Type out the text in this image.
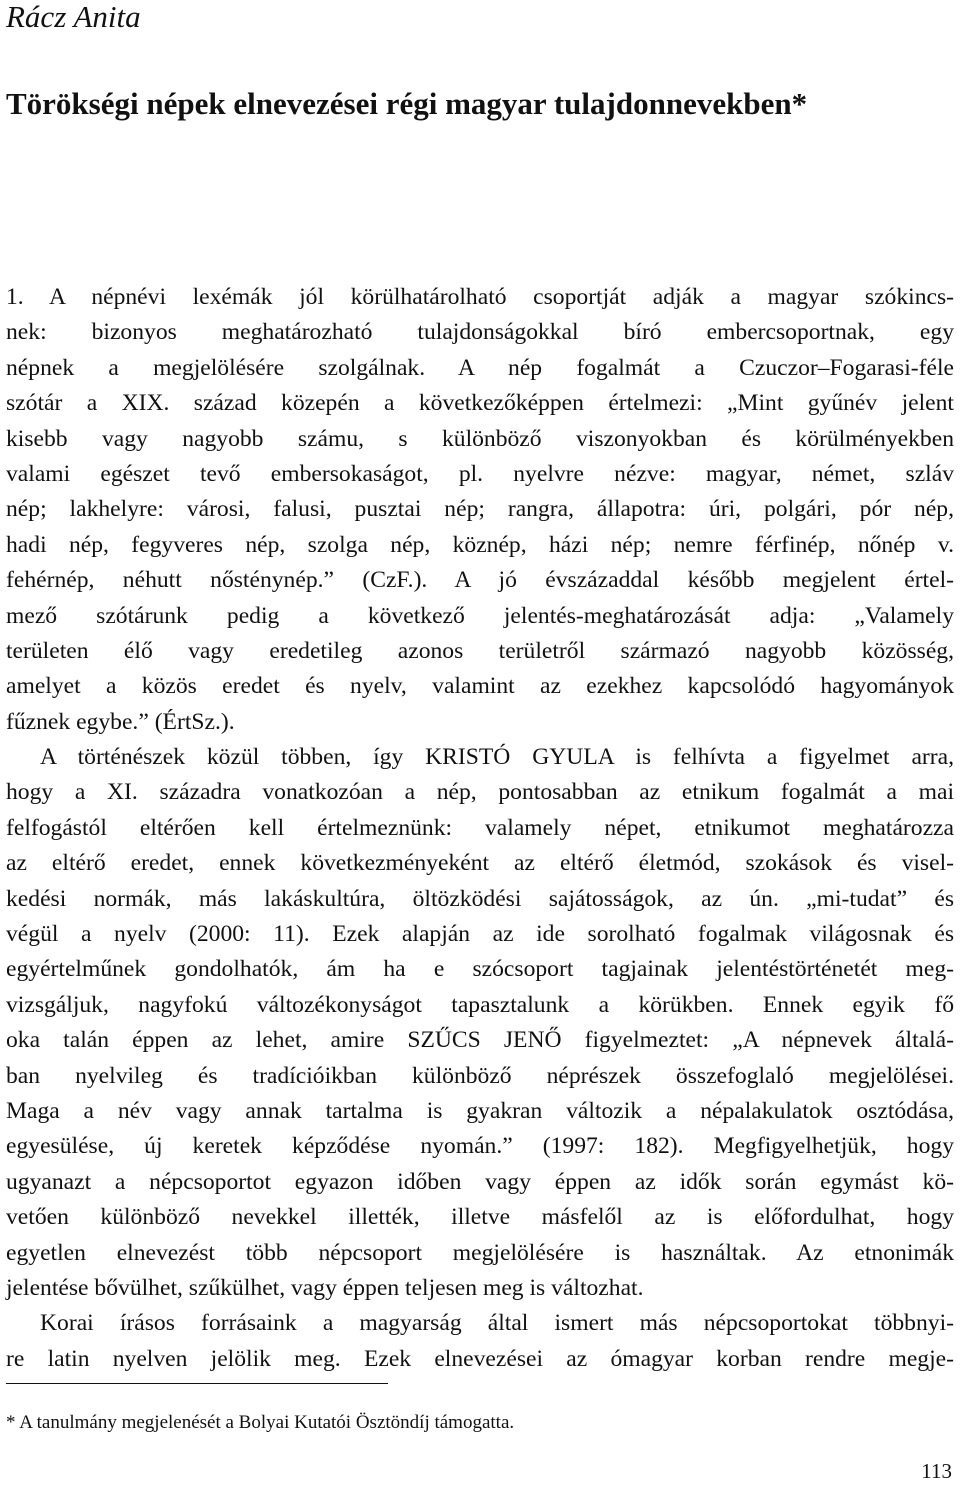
Rácz Anita
Törökségi népek elnevezései régi magyar tulajdonnevekben*
1. A népnévi lexémák jól körülhatárolható csoportját adják a magyar szókincs-
nek: bizonyos meghatározható tulajdonságokkal bíró embercsoportnak, egy
népnek a megjelölésére szolgálnak. A nép fogalmát a Czuczor–Fogarasi-féle
szótár a XIX. század közepén a következőképpen értelmezi: „Mint gyűnév jelent
kisebb vagy nagyobb számu, s különböző viszonyokban és körülményekben
valami egészet tevő embersokaságot, pl. nyelvre nézve: magyar, német, szláv
nép; lakhelyre: városi, falusi, pusztai nép; rangra, állapotra: úri, polgári, pór nép,
hadi nép, fegyveres nép, szolga nép, köznép, házi nép; nemre férfinép, nőnép v.
fehérnép, néhutt nősténynép.” (CzF.). A jó évszázaddal később megjelent értel-
mező szótárunk pedig a következő jelentés-meghatározását adja: „Valamely
területen élő vagy eredetileg azonos területről származó nagyobb közösség,
amelyet a közös eredet és nyelv, valamint az ezekhez kapcsolódó hagyományok
fűznek egybe.” (ÉrtSz.).
A történészek közül többen, így KRISTÓ GYULA is felhívta a figyelmet arra,
hogy a XI. századra vonatkozóan a nép, pontosabban az etnikum fogalmát a mai
felfogástól eltérően kell értelmeznünk: valamely népet, etnikumot meghatározza
az eltérő eredet, ennek következményeként az eltérő életmód, szokások és visel-
kedési normák, más lakáskultúra, öltözködési sajátosságok, az ún. „mi-tudat” és
végül a nyelv (2000: 11). Ezek alapján az ide sorolható fogalmak világosnak és
egyértelműnek gondolhatók, ám ha e szócsoport tagjainak jelentéstörténetét meg-
vizsgáljuk, nagyfokú változékonyságot tapasztalunk a körükben. Ennek egyik fő
oka talán éppen az lehet, amire SZŰCS JENŐ figyelmeztet: „A népnevek általá-
ban nyelvileg és tradícióikban különböző néprészek összefoglaló megjelölései.
Maga a név vagy annak tartalma is gyakran változik a népalakulatok osztódása,
egyesülése, új keretek képződése nyomán.” (1997: 182). Megfigyelhetjük, hogy
ugyanazt a népcsoportot egyazon időben vagy éppen az idők során egymást kö-
vetően különböző nevekkel illették, illetve másfelől az is előfordulhat, hogy
egyetlen elnevezést több népcsoport megjelölésére is használtak. Az etnonimák
jelentése bővülhet, szűkülhet, vagy éppen teljesen meg is változhat.
Korai írásos forrásaink a magyarság által ismert más népcsoportokat többnyi-
re latin nyelven jelölik meg. Ezek elnevezései az ómagyar korban rendre megje-
* A tanulmány megjelenését a Bolyai Kutatói Ösztöndíj támogatta.
113
